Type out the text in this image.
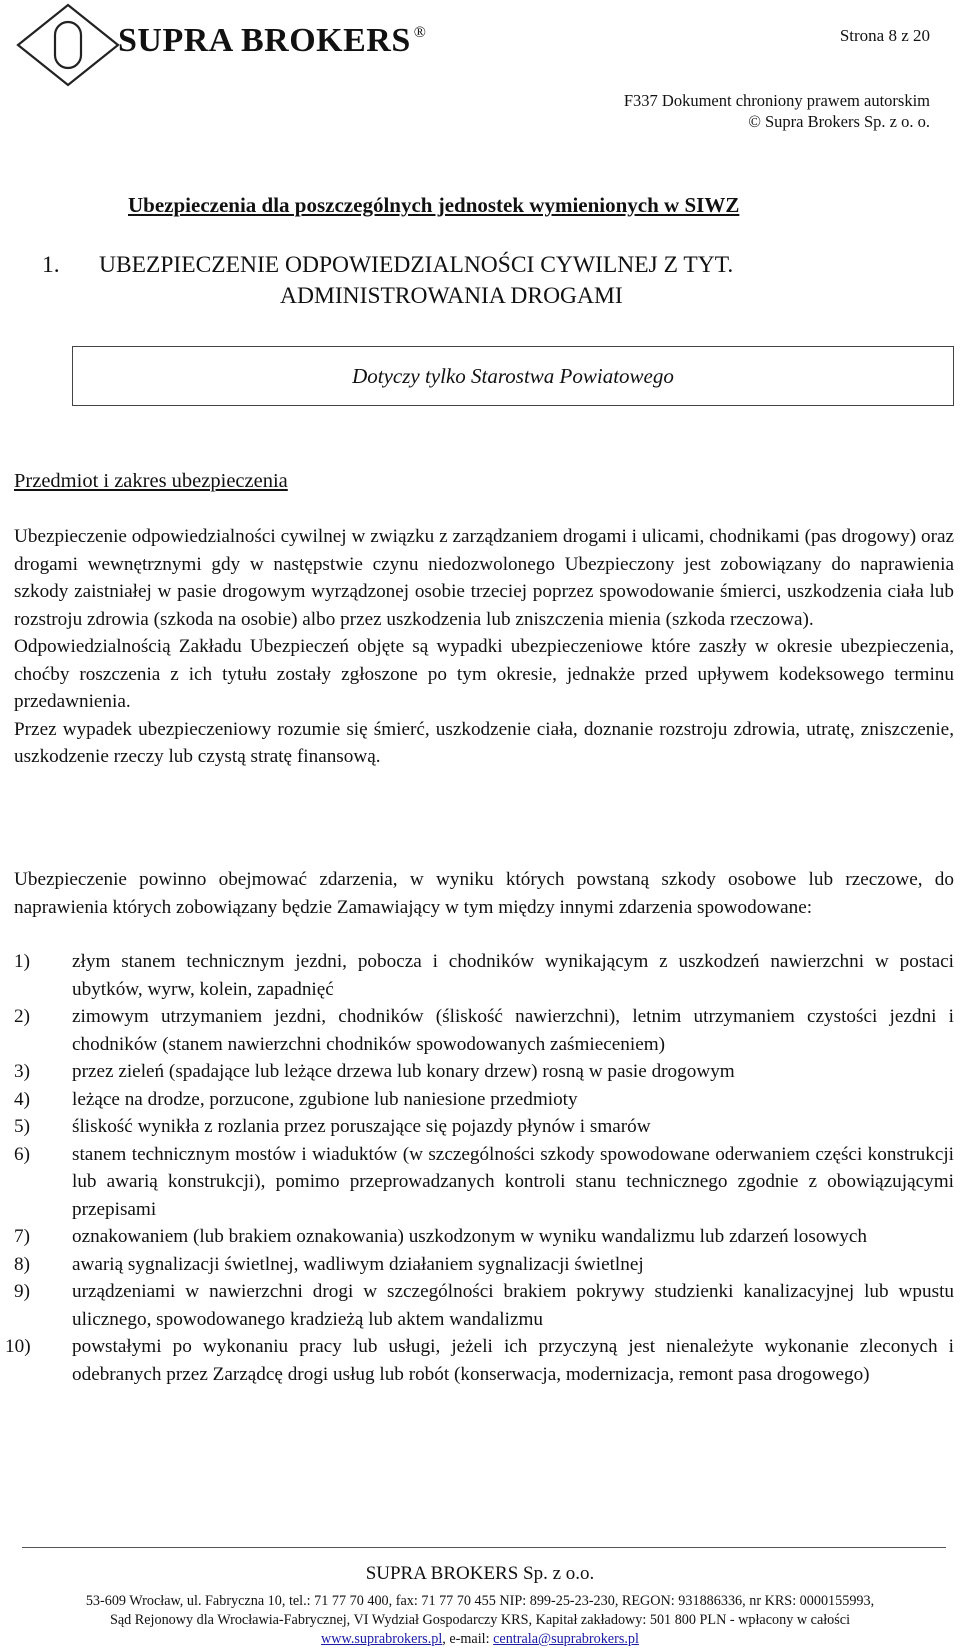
SUPRA BROKERS ®	Strona 8 z 20
F337 Dokument chroniony prawem autorskim
© Supra Brokers Sp. z o. o.
Ubezpieczenia dla poszczególnych jednostek wymienionych w SIWZ
1. UBEZPIECZENIE ODPOWIEDZIALNOŚCI CYWILNEJ Z TYT.
ADMINISTROWANIA DROGAMI
Dotyczy tylko Starostwa Powiatowego
Przedmiot i zakres ubezpieczenia

Ubezpieczenie odpowiedzialności cywilnej w związku z zarządzaniem drogami i ulicami, chodnikami (pas drogowy) oraz drogami wewnętrznymi gdy w następstwie czynu niedozwolonego Ubezpieczony jest zobowiązany do naprawienia szkody zaistniałej w pasie drogowym wyrządzonej osobie trzeciej poprzez spowodowanie śmierci, uszkodzenia ciała lub rozstroju zdrowia (szkoda na osobie) albo przez uszkodzenia lub zniszczenia mienia (szkoda rzeczowa).

Odpowiedzialnością Zakładu Ubezpieczeń objęte są wypadki ubezpieczeniowe które zaszły w okresie ubezpieczenia, choćby roszczenia z ich tytułu zostały zgłoszone po tym okresie, jednakże przed upływem kodeksowego terminu przedawnienia.

Przez wypadek ubezpieczeniowy rozumie się śmierć, uszkodzenie ciała, doznanie rozstroju zdrowia, utratę, zniszczenie, uszkodzenie rzeczy lub czystą stratę finansową.

Ubezpieczenie powinno obejmować zdarzenia, w wyniku których powstaną szkody osobowe lub rzeczowe, do naprawienia których zobowiązany będzie Zamawiający w tym między innymi zdarzenia spowodowane:

1)	złym stanem technicznym jezdni, pobocza i chodników wynikającym z uszkodzeń nawierzchni w postaci ubytków, wyrw, kolein, zapadnięć
2)	zimowym utrzymaniem jezdni, chodników (śliskość nawierzchni), letnim utrzymaniem czystości jezdni i chodników (stanem nawierzchni chodników spowodowanych zaśmieceniem)
3)	przez zieleń (spadające lub leżące drzewa lub konary drzew) rosną w pasie drogowym
4)	leżące na drodze, porzucone, zgubione lub naniesione przedmioty
5)	śliskość wynikła z rozlania przez poruszające się pojazdy płynów i smarów
6)	stanem technicznym mostów i wiaduktów (w szczególności szkody spowodowane oderwaniem części konstrukcji lub awarią konstrukcji), pomimo przeprowadzanych kontroli stanu technicznego zgodnie z obowiązującymi przepisami
7)	oznakowaniem (lub brakiem oznakowania) uszkodzonym w wyniku wandalizmu lub zdarzeń losowych
8)	awarią sygnalizacji świetlnej, wadliwym działaniem sygnalizacji świetlnej
9)	urządzeniami w nawierzchni drogi w szczególności brakiem pokrywy studzienki kanalizacyjnej lub wpustu ulicznego, spowodowanego kradzieżą lub aktem wandalizmu
10)	powstałymi po wykonaniu pracy lub usługi, jeżeli ich przyczyną jest nienależyte wykonanie zleconych i odebranych przez Zarządcę drogi usług lub robót (konserwacja, modernizacja, remont pasa drogowego)
SUPRA BROKERS Sp. z o.o.
53-609 Wrocław, ul. Fabryczna 10, tel.: 71 77 70 400, fax: 71 77 70 455 NIP: 899-25-23-230, REGON: 931886336, nr KRS: 0000155993,
Sąd Rejonowy dla Wrocławia-Fabrycznej, VI Wydział Gospodarczy KRS, Kapitał zakładowy: 501 800 PLN - wpłacony w całości
www.suprabrokers.pl, e-mail: centrala@suprabrokers.pl
